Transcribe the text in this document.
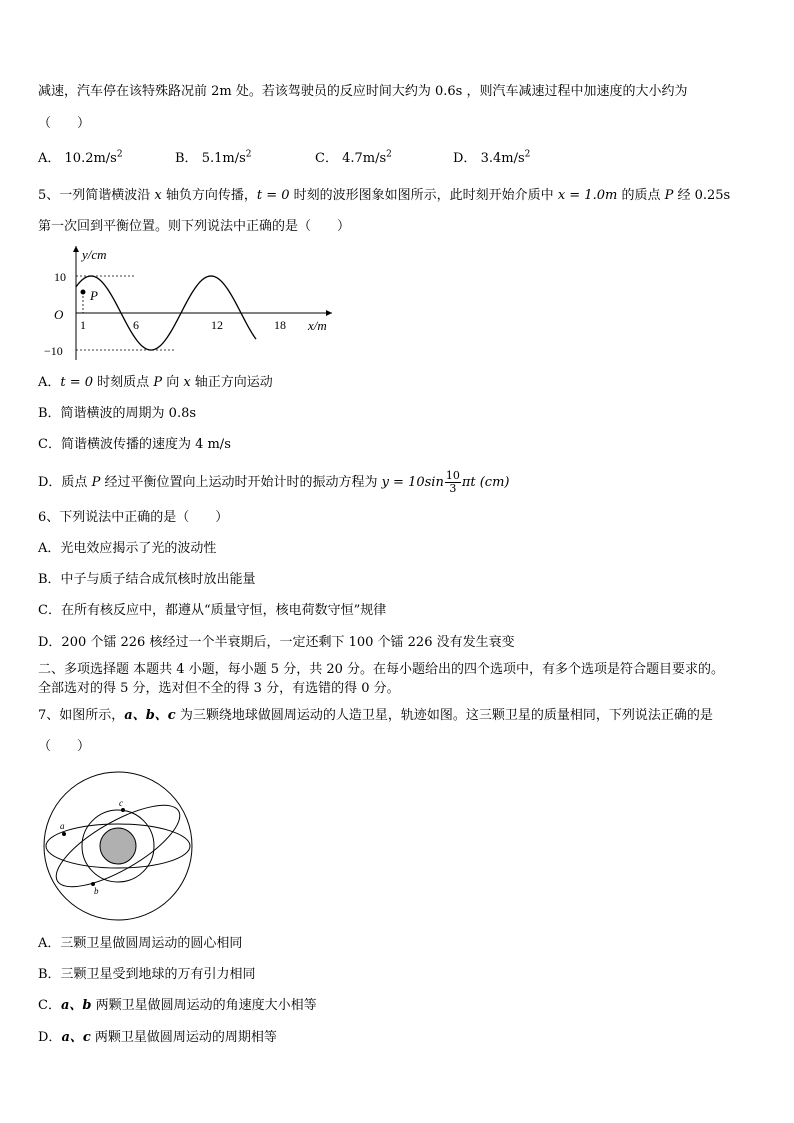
减速，汽车停在该特殊路况前 2m 处。若该驾驶员的反应时间大约为 0.6s ，则汽车减速过程中加速度的大小约为
（　　）
A． $10.2m/s^2$	B． $5.1m/s^2$	C． $4.7m/s^2$	D． $3.4m/s^2$
5、一列简谐横波沿 x 轴负方向传播，t = 0 时刻的波形图象如图所示，此时刻开始介质中 x = 1.0m 的质点 P 经 0.25s
第一次回到平衡位置。则下列说法中正确的是（　　）
y/cm
x/m
O
10
−10
1	6	12	18
P
A．t = 0 时刻质点 P 向 x 轴正方向运动
B．简谐横波的周期为 0.8s
C．简谐横波传播的速度为 4 m/s
D．质点 P 经过平衡位置向上运动时开始计时的振动方程为 $y = 10\sin \frac{10}{3}$ πt (cm)
6、下列说法中正确的是（　　）
A．光电效应揭示了光的波动性
B．中子与质子结合成氘核时放出能量
C．在所有核反应中，都遵从“质量守恒，核电荷数守恒”规律
D．200 个镭 226 核经过一个半衰期后，一定还剩下 100 个镭 226 没有发生衰变
二、多项选择题 本题共 4 小题，每小题 5 分，共 20 分。在每小题给出的四个选项中，有多个选项是符合题目要求的。
全部选对的得 5 分，选对但不全的得 3 分，有选错的得 0 分。
7、如图所示，a、b、c 为三颗绕地球做圆周运动的人造卫星，轨迹如图。这三颗卫星的质量相同，下列说法正确的是
（　　）
a
b
c
A．三颗卫星做圆周运动的圆心相同
B．三颗卫星受到地球的万有引力相同
C．a、b 两颗卫星做圆周运动的角速度大小相等
D．a、c 两颗卫星做圆周运动的周期相等
